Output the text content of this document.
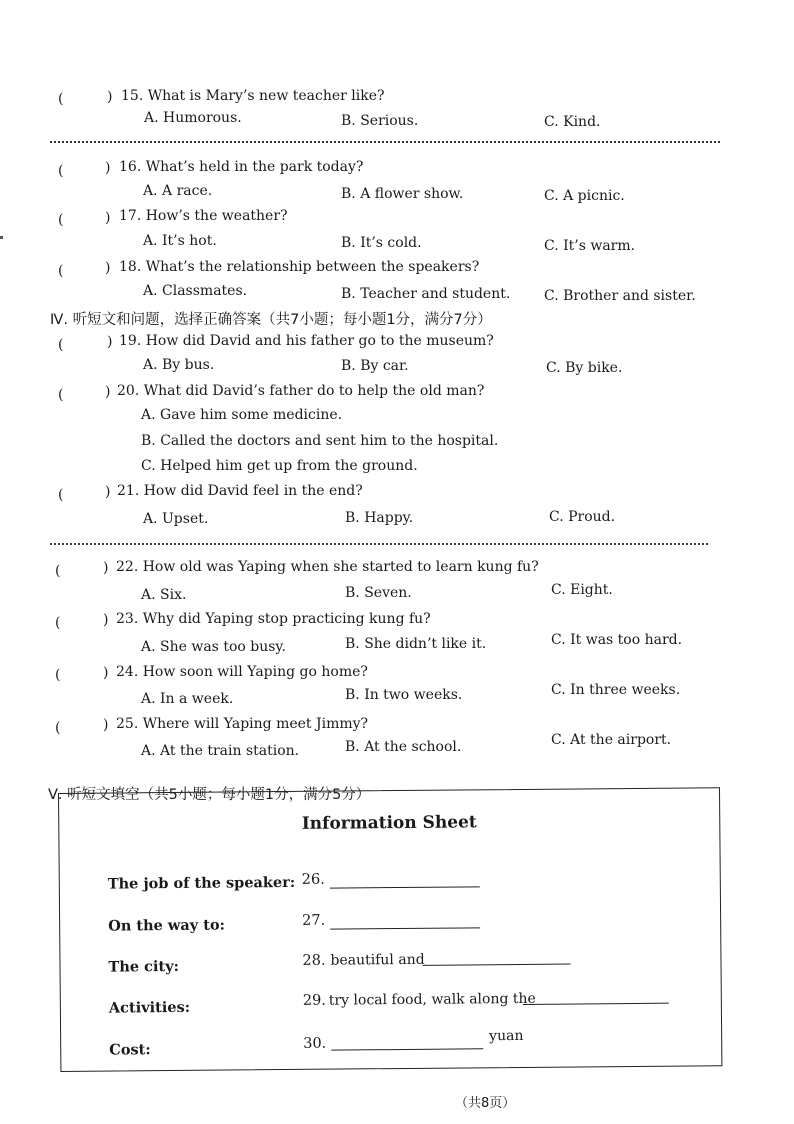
(	) 15. What is Mary’s new teacher like?
A. Humorous.	B. Serious.	C. Kind.
(	) 16. What’s held in the park today?
A. A race.	B. A flower show.	C. A picnic.
(	) 17. How’s the weather?
A. It’s hot.	B. It’s cold.	C. It’s warm.
(	) 18. What’s the relationship between the speakers?
A. Classmates.	B. Teacher and student. C. Brother and sister.
Ⅳ. 听短文和问题，选择正确答案（共7小题；每小题1分，满分7分）
(	) 19. How did David and his father go to the museum?
A. By bus.	B. By car.	C. By bike.
(	) 20. What did David’s father do to help the old man?
A. Gave him some medicine.
B. Called the doctors and sent him to the hospital.
C. Helped him get up from the ground.
(	) 21. How did David feel in the end?
A. Upset.	B. Happy.	C. Proud.
(	) 22. How old was Yaping when she started to learn kung fu?
A. Six.	B. Seven.	C. Eight.
(	) 23. Why did Yaping stop practicing kung fu?
A. She was too busy.	B. She didn’t like it.	C. It was too hard.
(	) 24. How soon will Yaping go home?
A. In a week.	B. In two weeks.	C. In three weeks.
(	) 25. Where will Yaping meet Jimmy?
A. At the train station.	B. At the school.	C. At the airport.
Ⅴ. 听短文填空（共5小题；每小题1分，满分5分）
Information Sheet
The job of the speaker: 26.
On the way to:	27.
The city:	28. beautiful and
Activities:	29. try local food, walk along the
Cost:	30.	yuan
（共8页）
